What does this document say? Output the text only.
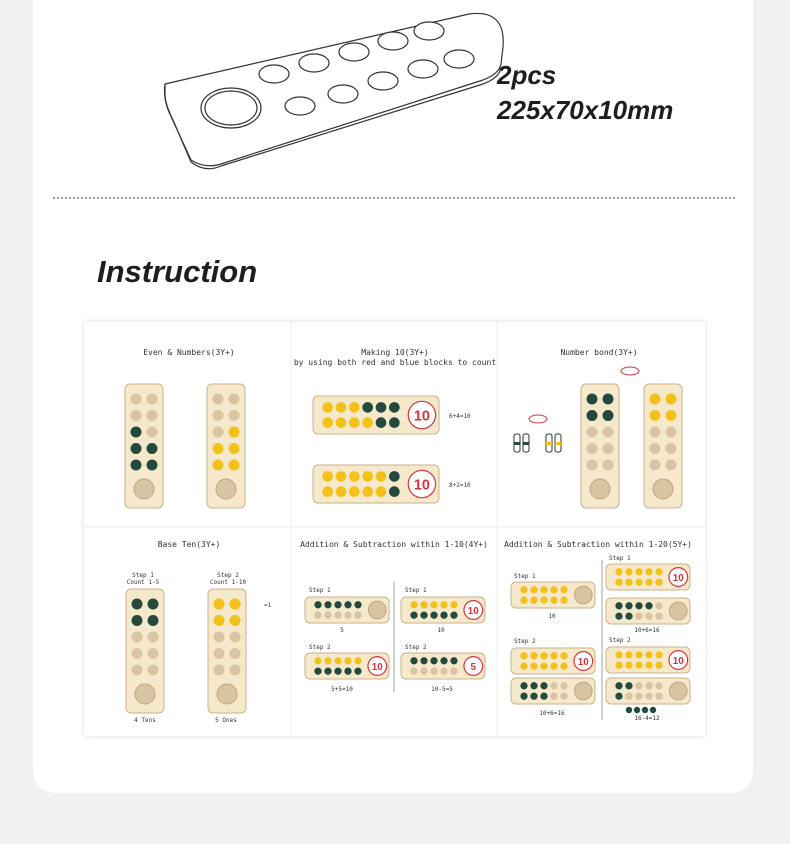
2pcs
225x70x10mm
Instruction
Even & Numbers(3Y+)	Making 10(3Y+)
by using both red and blue blocks to count
10
10
6+4=10
8+2=10
Number bond(3Y+)
Base Ten(3Y+)
Step 1
Count 1-5
Step 2
Count 1-10
=1
4 Tens	5 Ones
Addition & Subtraction within 1-10(4Y+)
Step 1	Step 1
Step 2	Step 2
5	10
5+5=10	10-5=5
10
10	5
Addition & Subtraction within 1-20(5Y+)
Step 1
Step 1
Step 2	Step 2
10
10+6=16
10+6=16
16-4=12
10
10	10
